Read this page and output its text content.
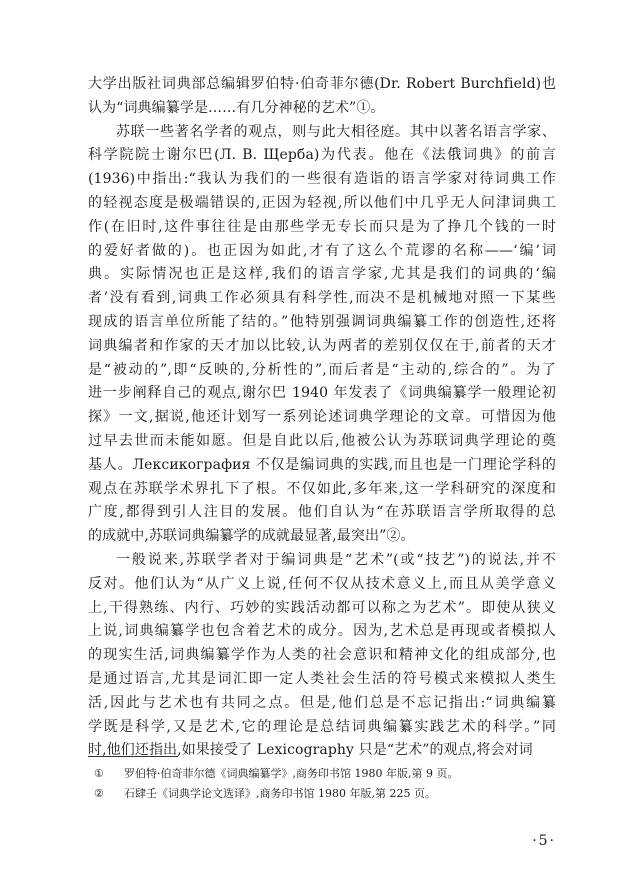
大学出版社词典部总编辑罗伯特·伯奇菲尔德(Dr. Robert Burchfield)也
认为“词典编纂学是……有几分神秘的艺术”①。
苏联一些著名学者的观点，则与此大相径庭。其中以著名语言学家、
科学院院士谢尔巴(Л. В. Щерба)为代表。他在《法俄词典》的前言
(1936)中指出:“我认为我们的一些很有造诣的语言学家对待词典工作
的轻视态度是极端错误的,正因为轻视,所以他们中几乎无人问津词典工
作(在旧时,这件事往往是由那些学无专长而只是为了挣几个钱的一时
的爱好者做的)。也正因为如此,才有了这么个荒谬的名称——‘编’词
典。实际情况也正是这样,我们的语言学家,尤其是我们的词典的‘编
者’没有看到,词典工作必须具有科学性,而决不是机械地对照一下某些
现成的语言单位所能了结的。”他特别强调词典编纂工作的创造性,还将
词典编者和作家的天才加以比较,认为两者的差别仅仅在于,前者的天才
是“被动的”,即“反映的,分析性的”,而后者是“主动的,综合的”。为了
进一步阐释自己的观点,谢尔巴 1940 年发表了《词典编纂学一般理论初
探》一文,据说,他还计划写一系列论述词典学理论的文章。可惜因为他
过早去世而未能如愿。但是自此以后,他被公认为苏联词典学理论的奠
基人。Лексикография 不仅是编词典的实践,而且也是一门理论学科的
观点在苏联学术界扎下了根。不仅如此,多年来,这一学科研究的深度和
广度,都得到引人注目的发展。他们自认为“在苏联语言学所取得的总
的成就中,苏联词典编纂学的成就最显著,最突出”②。
一般说来,苏联学者对于编词典是“艺术”(或“技艺”)的说法,并不
反对。他们认为“从广义上说,任何不仅从技术意义上,而且从美学意义
上,干得熟练、内行、巧妙的实践活动都可以称之为艺术”。即使从狭义
上说,词典编纂学也包含着艺术的成分。因为,艺术总是再现或者模拟人
的现实生活,词典编纂学作为人类的社会意识和精神文化的组成部分,也
是通过语言,尤其是词汇即一定人类社会生活的符号模式来模拟人类生
活,因此与艺术也有共同之点。但是,他们总是不忘记指出:“词典编纂
学既是科学,又是艺术,它的理论是总结词典编纂实践艺术的科学。”同
时,他们还指出,如果接受了 Lexicography 只是“艺术”的观点,将会对词
①	罗伯特·伯奇菲尔德《词典编纂学》,商务印书馆 1980 年版,第 9 页。
②	石肆壬《词典学论文选译》,商务印书馆 1980 年版,第 225 页。
·5·
